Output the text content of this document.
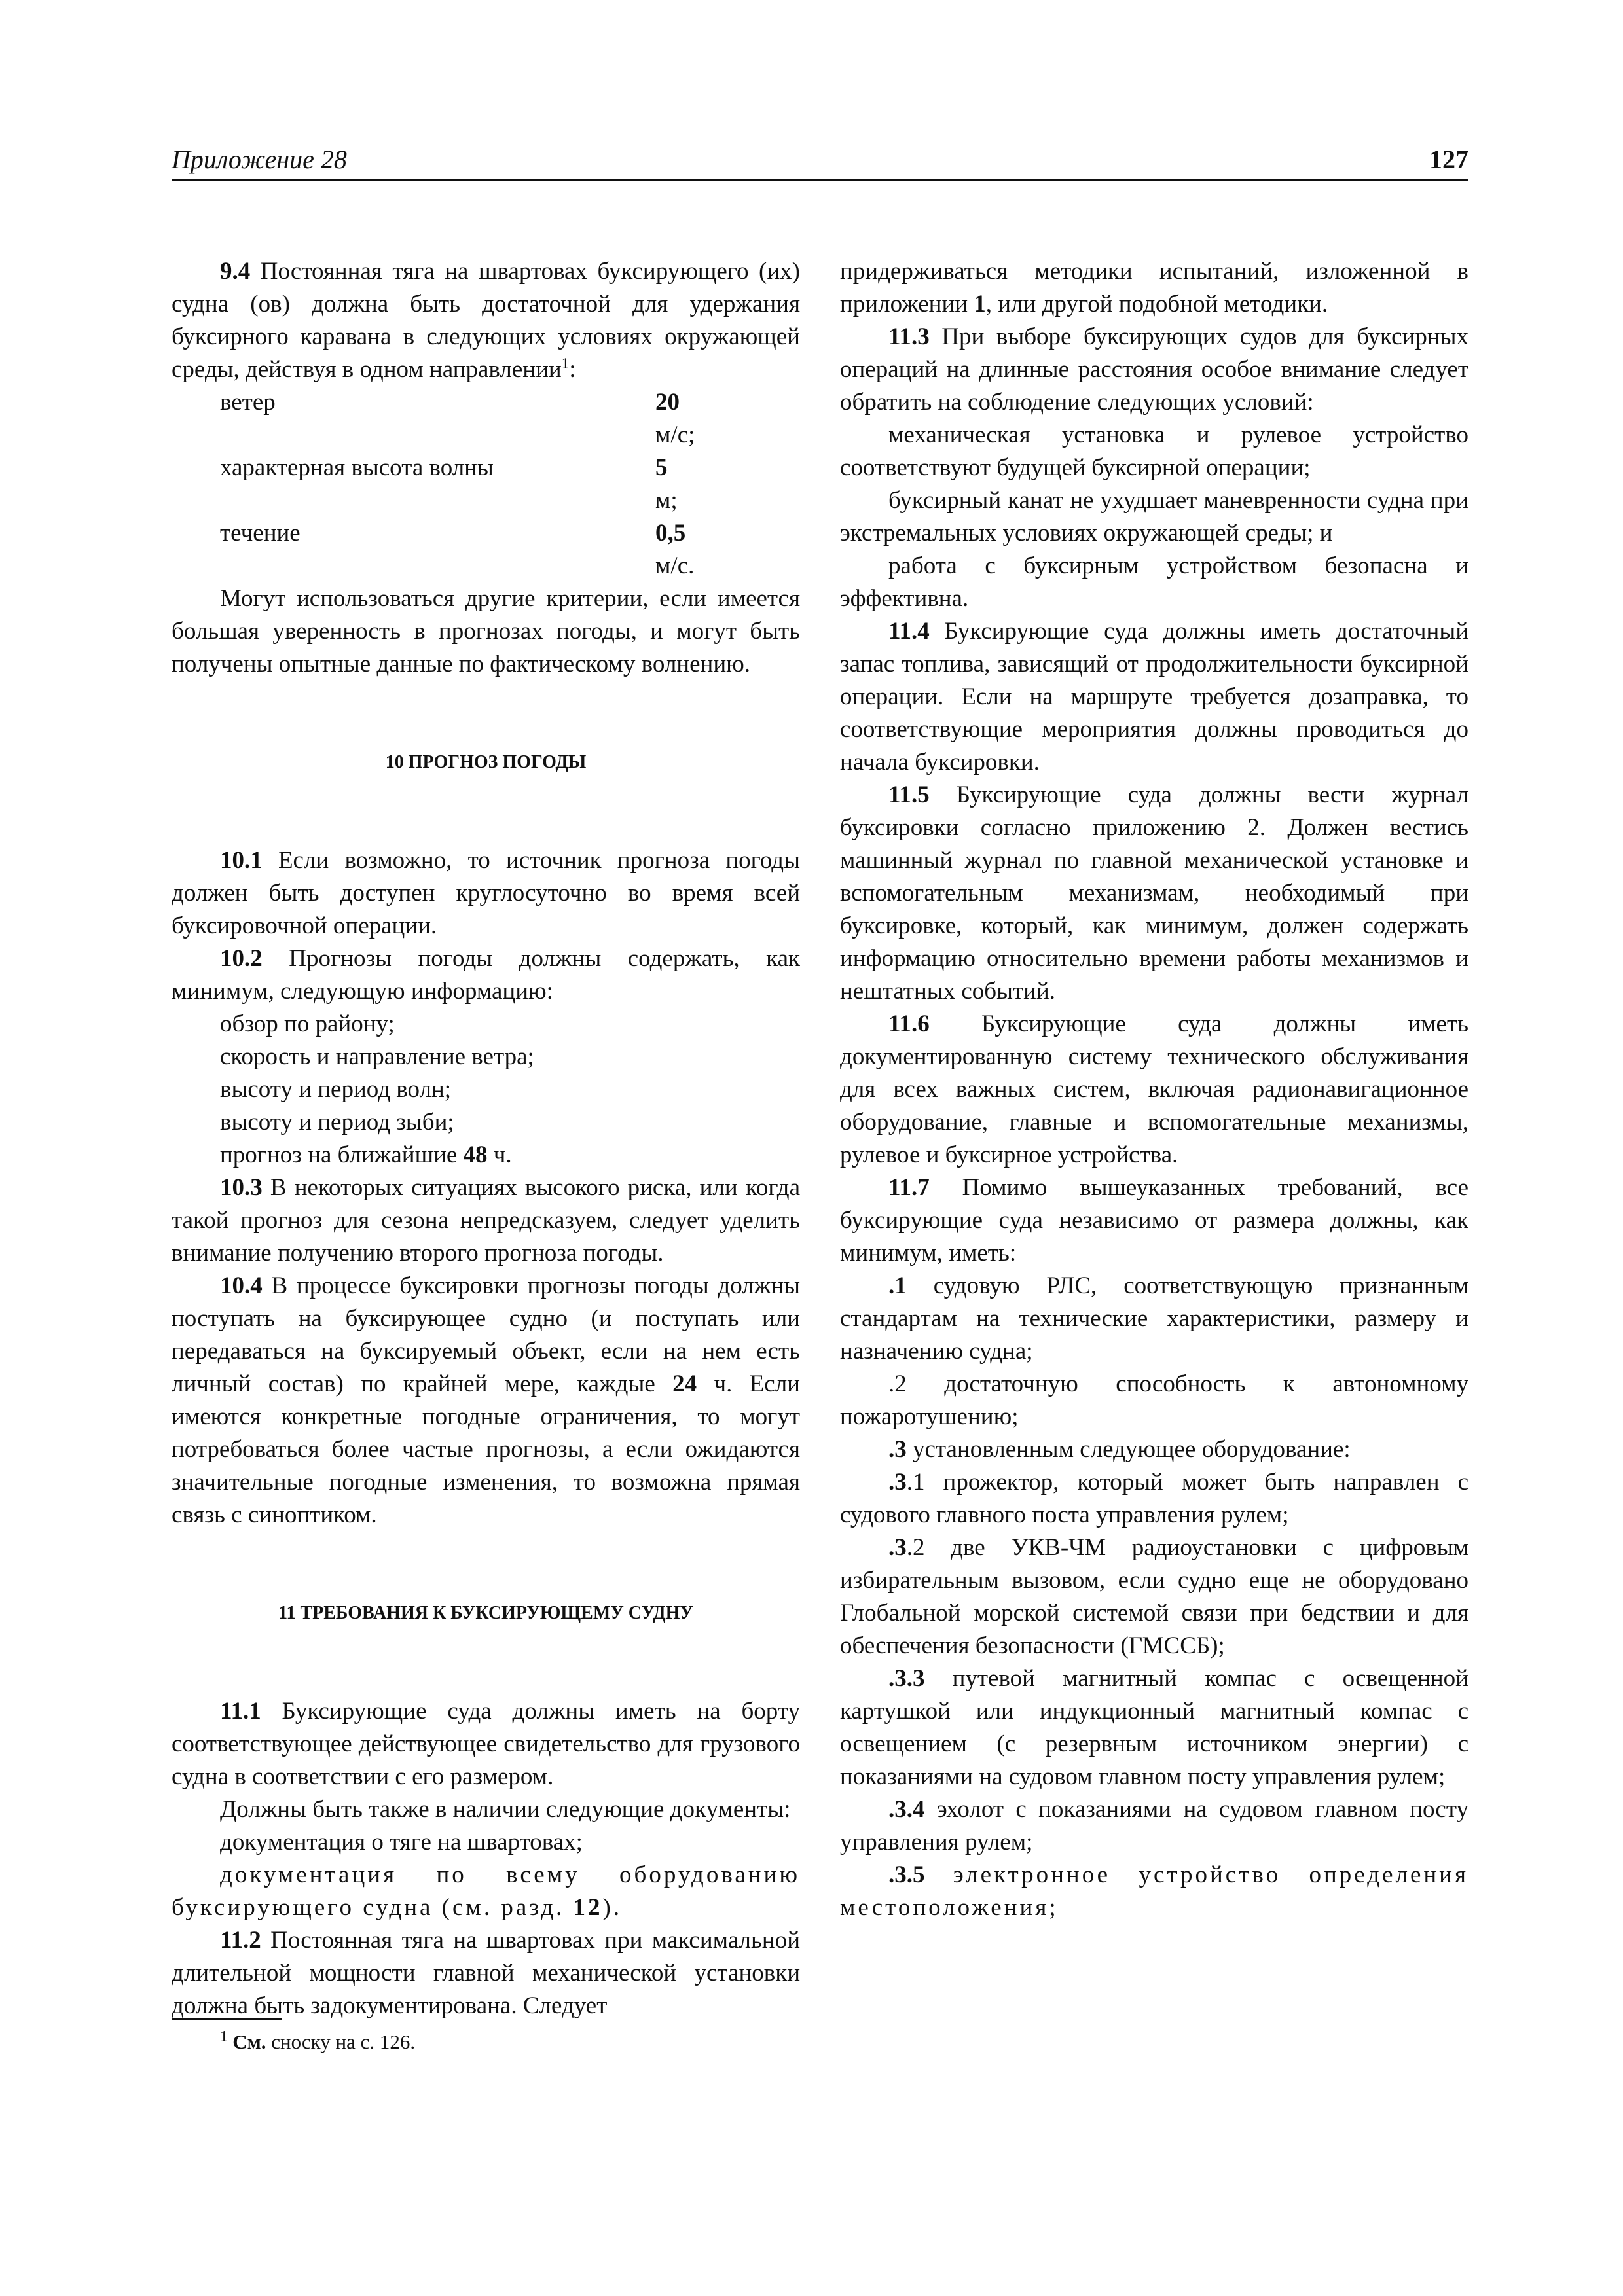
Приложение 28	127

9.4 Постоянная тяга на швартовах буксирующего (их) судна (ов) должна быть достаточной для удержания буксирного каравана в следующих условиях окружающей среды, действуя в одном направлении$^1$:

ветер	20
м/с;
характерная высота волны	5
м;
течение	0,5
м/с.

Могут использоваться другие критерии, если имеется большая уверенность в прогнозах погоды, и могут быть получены опытные данные по фактическому волнению.

10 ПРОГНОЗ ПОГОДЫ

10.1 Если возможно, то источник прогноза погоды должен быть доступен круглосуточно во время всей буксировочной операции.

10.2 Прогнозы погоды должны содержать, как минимум, следующую информацию:

обзор по району;

скорость и направление ветра;

высоту и период волн;

высоту и период зыби;

прогноз на ближайшие 48 ч.

10.3 В некоторых ситуациях высокого риска, или когда такой прогноз для сезона непредсказуем, следует уделить внимание получению второго прогноза погоды.

10.4 В процессе буксировки прогнозы погоды должны поступать на буксирующее судно (и поступать или передаваться на буксируемый объект, если на нем есть личный состав) по крайней мере, каждые 24 ч. Если имеются конкретные погодные ограничения, то могут потребоваться более частые прогнозы, а если ожидаются значительные погодные изменения, то возможна прямая связь с синоптиком.

11 ТРЕБОВАНИЯ К БУКСИРУЮЩЕМУ СУДНУ

11.1 Буксирующие суда должны иметь на борту соответствующее действующее свидетельство для грузового судна в соответствии с его размером.

Должны быть также в наличии следующие документы:

документация о тяге на швартовах;

документация по всему оборудованию буксирующего судна (см. разд. 12).

11.2 Постоянная тяга на швартовах при максимальной длительной мощности главной механической установки должна быть задокументирована. Следует

придерживаться методики испытаний, изложенной в приложении 1, или другой подобной методики.

11.3 При выборе буксирующих судов для буксирных операций на длинные расстояния особое внимание следует обратить на соблюдение следующих условий:

механическая установка и рулевое устройство соответствуют будущей буксирной операции;

буксирный канат не ухудшает маневренности судна при экстремальных условиях окружающей среды; и

работа с буксирным устройством безопасна и эффективна.

11.4 Буксирующие суда должны иметь достаточный запас топлива, зависящий от продолжительности буксирной операции. Если на маршруте требуется дозаправка, то соответствующие мероприятия должны проводиться до начала буксировки.

11.5 Буксирующие суда должны вести журнал буксировки согласно приложению 2. Должен вестись машинный журнал по главной механической установке и вспомогательным механизмам, необходимый при буксировке, который, как минимум, должен содержать информацию относительно времени работы механизмов и нештатных событий.

11.6 Буксирующие суда должны иметь документированную систему технического обслуживания для всех важных систем, включая радионавигационное оборудование, главные и вспомогательные механизмы, рулевое и буксирное устройства.

11.7 Помимо вышеуказанных требований, все буксирующие суда независимо от размера должны, как минимум, иметь:

.1 судовую РЛС, соответствующую признанным стандартам на технические характеристики, размеру и назначению судна;

.2 достаточную способность к автономному пожаротушению;

.3 установленным следующее оборудование:

.3.1 прожектор, который может быть направлен с судового главного поста управления рулем;

.3.2 две УКВ-ЧМ радиоустановки с цифровым избирательным вызовом, если судно еще не оборудовано Глобальной морской системой связи при бедствии и для обеспечения безопасности (ГМССБ);

.3.3 путевой магнитный компас с освещенной картушкой или индукционный магнитный компас с освещением (с резервным источником энергии) с показаниями на судовом главном посту управления рулем;

.3.4 эхолот с показаниями на судовом главном посту управления рулем;

.3.5 электронное устройство определения местоположения;

$^1$ См. сноску на с. 126.
